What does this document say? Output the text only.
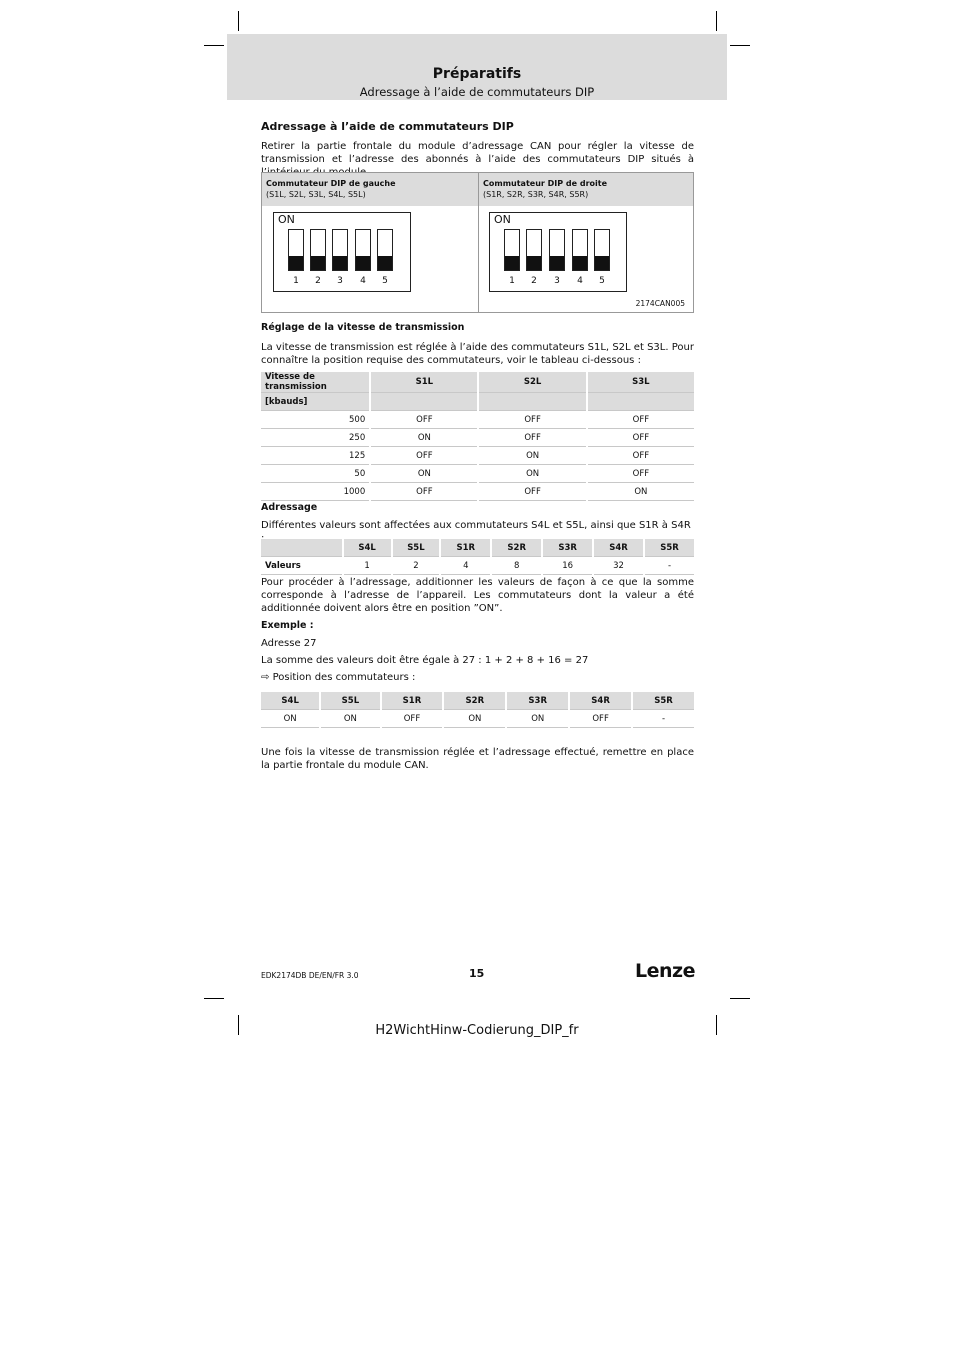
Préparatifs
Adressage à l’aide de commutateurs DIP
Adressage à l’aide de commutateurs DIP
Retirer la partie frontale du module d’adressage CAN pour régler la vitesse de transmission et l’adresse des abonnés à l’aide des commutateurs DIP situés à
Commutateur DIP de gauche
(S1L, S2L, S3L, S4L, S5L)
Commutateur DIP de droite
(S1R, S2R, S3R, S4R, S5R)
ON
1	2	3	4	5
ON
1	2	3	4	5
2174CAN005
Réglage de la vitesse de transmission
La vitesse de transmission est réglée à l’aide des commutateurs S1L, S2L et S3L. Pour connaître la position requise des commutateurs, voir le tableau ci-dessous :
Vitesse de transmission	S1L	S2L	S3L
[kbauds]			
500	OFF	OFF	OFF
250	ON	OFF	OFF
125	OFF	ON	OFF
50	ON	ON	OFF
1000	OFF	OFF	ON
Adressage
Différentes valeurs sont affectées aux commutateurs S4L et S5L, ainsi que S1R à S4R
	S4L	S5L	S1R	S2R	S3R	S4R	S5R
Valeurs	1	2	4	8	16	32	-
Pour procéder à l’adressage, additionner les valeurs de façon à ce que la somme corresponde à l’adresse de l’appareil. Les commutateurs dont la valeur a été additionnée doivent alors être en position ”ON”.
Exemple :
Adresse 27
La somme des valeurs doit être égale à 27 : 1 + 2 + 8 + 16 = 27
⇨ Position des commutateurs :
S4L	S5L	S1R	S2R	S3R	S4R	S5R
ON	ON	OFF	ON	ON	OFF	-
Une fois la vitesse de transmission réglée et l’adressage effectué, remettre en place la partie frontale du module CAN.
EDK2174DB DE/EN/FR 3.0	15	Lenze
H2WichtHinw-Codierung_DIP_fr
